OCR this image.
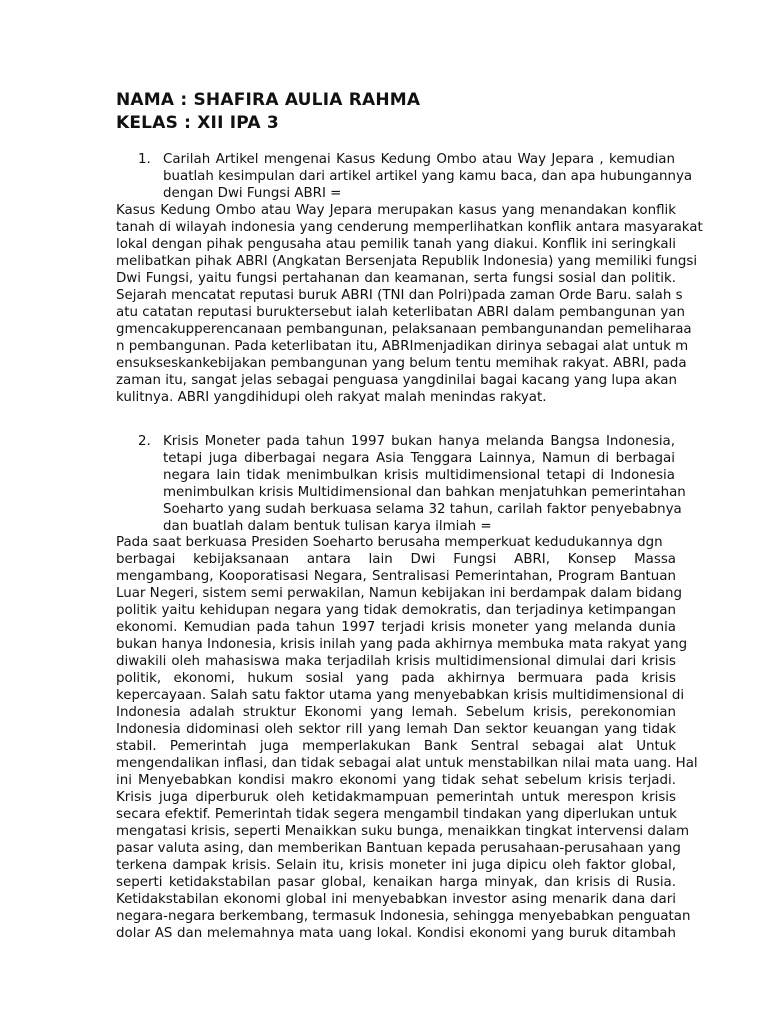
NAMA : SHAFIRA AULIA RAHMA
KELAS : XII IPA 3
1. Carilah Artikel mengenai Kasus Kedung Ombo atau Way Jepara , kemudian
buatlah kesimpulan dari artikel artikel yang kamu baca, dan apa hubungannya
dengan Dwi Fungsi ABRI =
Kasus Kedung Ombo atau Way Jepara merupakan kasus yang menandakan konflik
tanah di wilayah indonesia yang cenderung memperlihatkan konflik antara masyarakat
lokal dengan pihak pengusaha atau pemilik tanah yang diakui. Konflik ini seringkali
melibatkan pihak ABRI (Angkatan Bersenjata Republik Indonesia) yang memiliki fungsi
Dwi Fungsi, yaitu fungsi pertahanan dan keamanan, serta fungsi sosial dan politik.
Sejarah mencatat reputasi buruk ABRI (TNI dan Polri)pada zaman Orde Baru. salah s
atu catatan reputasi buruktersebut ialah keterlibatan ABRI dalam pembangunan yan
gmencakupperencanaan pembangunan, pelaksanaan pembangunandan pemeliharaa
n pembangunan. Pada keterlibatan itu, ABRImenjadikan dirinya sebagai alat untuk m
ensukseskankebijakan pembangunan yang belum tentu memihak rakyat. ABRI, pada
zaman itu, sangat jelas sebagai penguasa yangdinilai bagai kacang yang lupa akan
kulitnya. ABRI yangdihidupi oleh rakyat malah menindas rakyat.
2. Krisis Moneter pada tahun 1997 bukan hanya melanda Bangsa Indonesia,
tetapi juga diberbagai negara Asia Tenggara Lainnya, Namun di berbagai
negara lain tidak menimbulkan krisis multidimensional tetapi di Indonesia
menimbulkan krisis Multidimensional dan bahkan menjatuhkan pemerintahan
Soeharto yang sudah berkuasa selama 32 tahun, carilah faktor penyebabnya
dan buatlah dalam bentuk tulisan karya ilmiah =
Pada saat berkuasa Presiden Soeharto berusaha memperkuat kedudukannya dgn
berbagai kebijaksanaan antara lain Dwi Fungsi ABRI, Konsep Massa
mengambang, Kooporatisasi Negara, Sentralisasi Pemerintahan, Program Bantuan
Luar Negeri, sistem semi perwakilan, Namun kebijakan ini berdampak dalam bidang
politik yaitu kehidupan negara yang tidak demokratis, dan terjadinya ketimpangan
ekonomi. Kemudian pada tahun 1997 terjadi krisis moneter yang melanda dunia
bukan hanya Indonesia, krisis inilah yang pada akhirnya membuka mata rakyat yang
diwakili oleh mahasiswa maka terjadilah krisis multidimensional dimulai dari krisis
politik, ekonomi, hukum sosial yang pada akhirnya bermuara pada krisis
kepercayaan. Salah satu faktor utama yang menyebabkan krisis multidimensional di
Indonesia adalah struktur Ekonomi yang lemah. Sebelum krisis, perekonomian
Indonesia didominasi oleh sektor rill yang lemah Dan sektor keuangan yang tidak
stabil. Pemerintah juga memperlakukan Bank Sentral sebagai alat Untuk
mengendalikan inflasi, dan tidak sebagai alat untuk menstabilkan nilai mata uang. Hal
ini Menyebabkan kondisi makro ekonomi yang tidak sehat sebelum krisis terjadi.
Krisis juga diperburuk oleh ketidakmampuan pemerintah untuk merespon krisis
secara efektif. Pemerintah tidak segera mengambil tindakan yang diperlukan untuk
mengatasi krisis, seperti Menaikkan suku bunga, menaikkan tingkat intervensi dalam
pasar valuta asing, dan memberikan Bantuan kepada perusahaan-perusahaan yang
terkena dampak krisis. Selain itu, krisis moneter ini juga dipicu oleh faktor global,
seperti ketidakstabilan pasar global, kenaikan harga minyak, dan krisis di Rusia.
Ketidakstabilan ekonomi global ini menyebabkan investor asing menarik dana dari
negara-negara berkembang, termasuk Indonesia, sehingga menyebabkan penguatan
dolar AS dan melemahnya mata uang lokal. Kondisi ekonomi yang buruk ditambah
